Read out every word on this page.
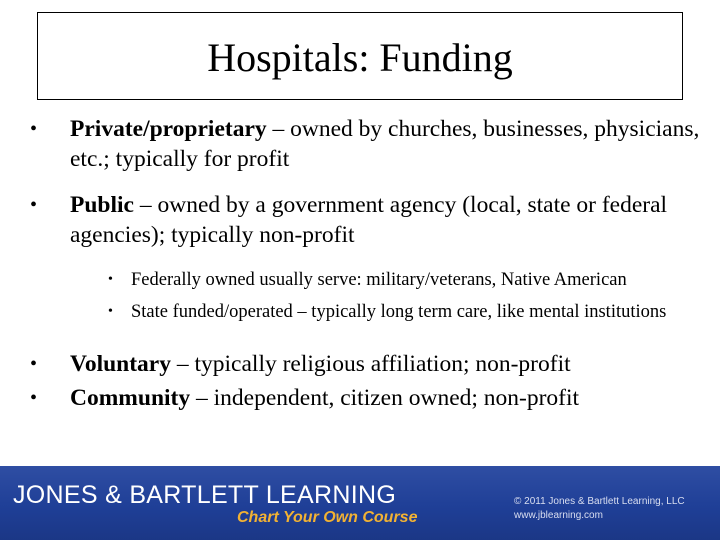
Hospitals: Funding
•	Private/proprietary – owned by churches, businesses, physicians, etc.; typically for profit
•	Public – owned by a government agency (local, state or federal agencies); typically non-profit
• Federally owned usually serve: military/veterans, Native American
• State funded/operated – typically long term care, like mental institutions
•	Voluntary – typically religious affiliation; non-profit
•	Community – independent, citizen owned; non-profit
JONES & BARTLETT LEARNING
Chart Your Own Course
© 2011 Jones & Bartlett Learning, LLC
www.jblearning.com
